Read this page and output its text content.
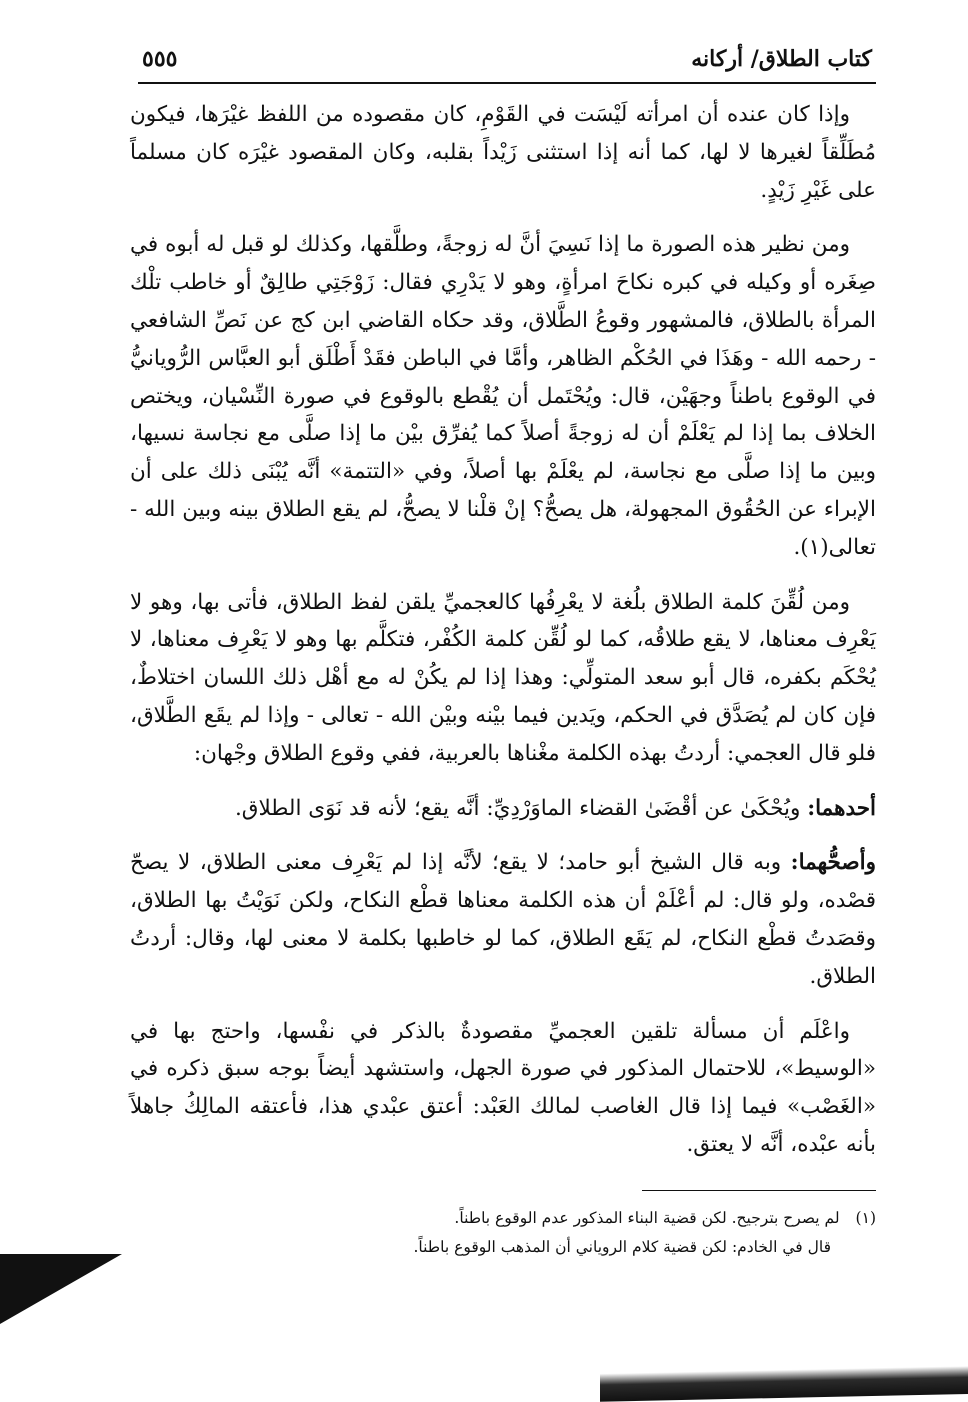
كتاب الطلاق/ أركانه
٥٥٥

وإذا كان عنده أن امرأته لَيْسَت في القَوْمِ، كان مقصوده من اللفظ غيْرَها، فيكون مُطَلِّقاً لغيرها لا لها، كما أنه إذا استثنى زَيْداً بقلبه، وكان المقصود غيْرَه كان مسلماً على غَيْرِ زَيْدٍ.

ومن نظير هذه الصورة ما إذا نَسِيَ أنَّ له زوجةً، وطلَّقها، وكذلك لو قبل له أبوه في صِغَره أو وكيله في كبره نكاحَ امرأةٍ، وهو لا يَدْرِي فقال: زَوْجَتِي طالِقٌ أو خاطب تلْك المرأة بالطلاق، فالمشهور وقوعُ الطَّلاق، وقد حكاه القاضي ابن كج عن نَصِّ الشافعي - رحمه الله - وهَذَا في الحُكْم الظاهر، وأمَّا في الباطن فقَدْ أَطْلَق أبو العبَّاس الرُّويانيُّ في الوقوع باطناً وجهَيْن، قال: ويُحْتَمل أن يُقْطع بالوقوع في صورة النِّسْيان، ويختص الخلاف بما إذا لم يَعْلَمْ أن له زوجةً أصلاً كما يُفرِّق بيْن ما إذا صلَّى مع نجاسة نسيها، وبين ما إذا صلَّى مع نجاسة، لم يعْلَمْ بها أصلاً، وفي «التتمة» أنَّه يُبْنَى ذلك على أن الإبراء عن الحُقُوق المجهولة، هل يصحُّ؟ إنْ قلْنا لا يصحُّ، لم يقع الطلاق بينه وبين الله - تعالى(١).

ومن لُقِّنَ كلمة الطلاق بلُغة لا يعْرِفُها كالعجميِّ يلقن لفظ الطلاق، فأتى بها، وهو لا يَعْرِف معناها، لا يقع طلاقُه، كما لو لُقِّن كلمة الكُفْر، فتكلَّم بها وهو لا يَعْرِف معناها، لا يُحْكَم بكفره، قال أبو سعد المتولِّي: وهذا إذا لم يكُنْ له مع أهْل ذلك اللسان اختلاطٌ، فإن كان لم يُصَدَّق في الحكم، ويَدين فيما بيْنه وبيْن الله - تعالى - وإذا لم يقَع الطَّلاق، فلو قال العجمي: أردتُ بهذه الكلمة مغْناها بالعربية، ففي وقوع الطلاق وجْهان:

أحدهما: ويُحْكَىٰ عن أقْضَىٰ القضاء الماوَرْدِيِّ: أنَّه يقع؛ لأنه قد نَوَى الطلاق.

وأصحُّهما: وبه قال الشيخ أبو حامد؛ لا يقع؛ لأنَّه إذا لم يَعْرِف معنى الطلاق، لا يصحّ قصْده، ولو قال: لم أعْلَمْ أن هذه الكلمة معناها قطْع النكاح، ولكن نَوَيْتُ بها الطلاق، وقصَدتُ قطْع النكاح، لم يَقَع الطلاق، كما لو خاطبها بكلمة لا معنى لها، وقال: أردتُ الطلاق.

واعْلَم أن مسألة تلقين العجميِّ مقصودةٌ بالذكر في نفْسها، واحتج بها في «الوسيط»، للاحتمال المذكور في صورة الجهل، واستشهد أيضاً بوجه سبق ذكره في «الغَصْب» فيما إذا قال الغاصب لمالك العَبْد: أعتق عبْدي هذا، فأعتقه المالِكُ جاهلاً بأنه عبْده، أنَّه لا يعتق.

(١)لم يصرح بترجيح. لكن قضية البناء المذكور عدم الوقوع باطناً.
قال في الخادم: لكن قضية كلام الروياني أن المذهب الوقوع باطناً.
